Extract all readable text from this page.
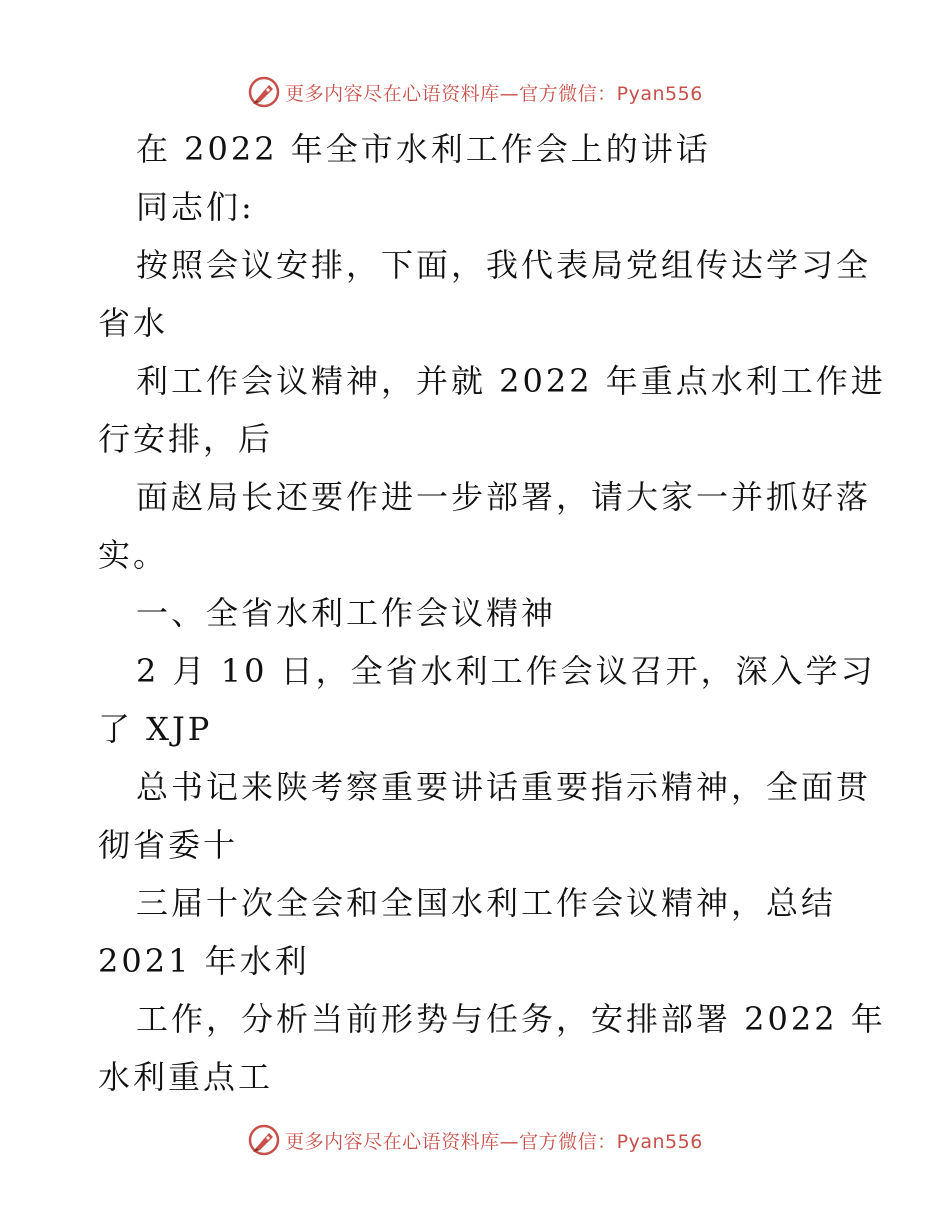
更多内容尽在心语资料库—官方微信：Pyan556
在 2022 年全市水利工作会上的讲话
同志们:
按照会议安排，下面，我代表局党组传达学习全
省水
利工作会议精神，并就 2022 年重点水利工作进
行安排，后
面赵局长还要作进一步部署，请大家一并抓好落
实。
一、全省水利工作会议精神
2 月 10 日，全省水利工作会议召开，深入学习
了 XJP
总书记来陕考察重要讲话重要指示精神，全面贯
彻省委十
三届十次全会和全国水利工作会议精神，总结
2021 年水利
工作，分析当前形势与任务，安排部署 2022 年
水利重点工
更多内容尽在心语资料库—官方微信：Pyan556
